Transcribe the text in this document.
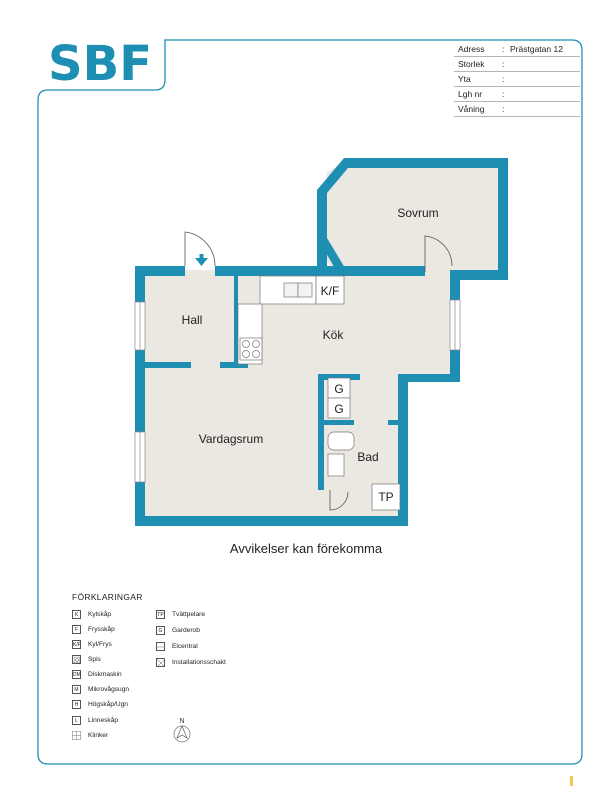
SBF	Adress	: Prästgatan 12
Storlek	:
Yta	:
Lgh nr	:
Våning	:
Sovrum
Hall
Kök
Vardagsrum
Bad
K/F
G
G
TP
Avvikelser kan förekomma
FÖRKLARINGAR
K	Kylskåp
F	Frysskåp
K/F Kyl/Frys
Spis
DM Diskmaskin
M	Mikrovågsugn
H	Högskåp/Ugn
L	Linneskåp
Klinker
TP Tvättpelare
G	Garderob
Elcentral
Installationsschakt
N
